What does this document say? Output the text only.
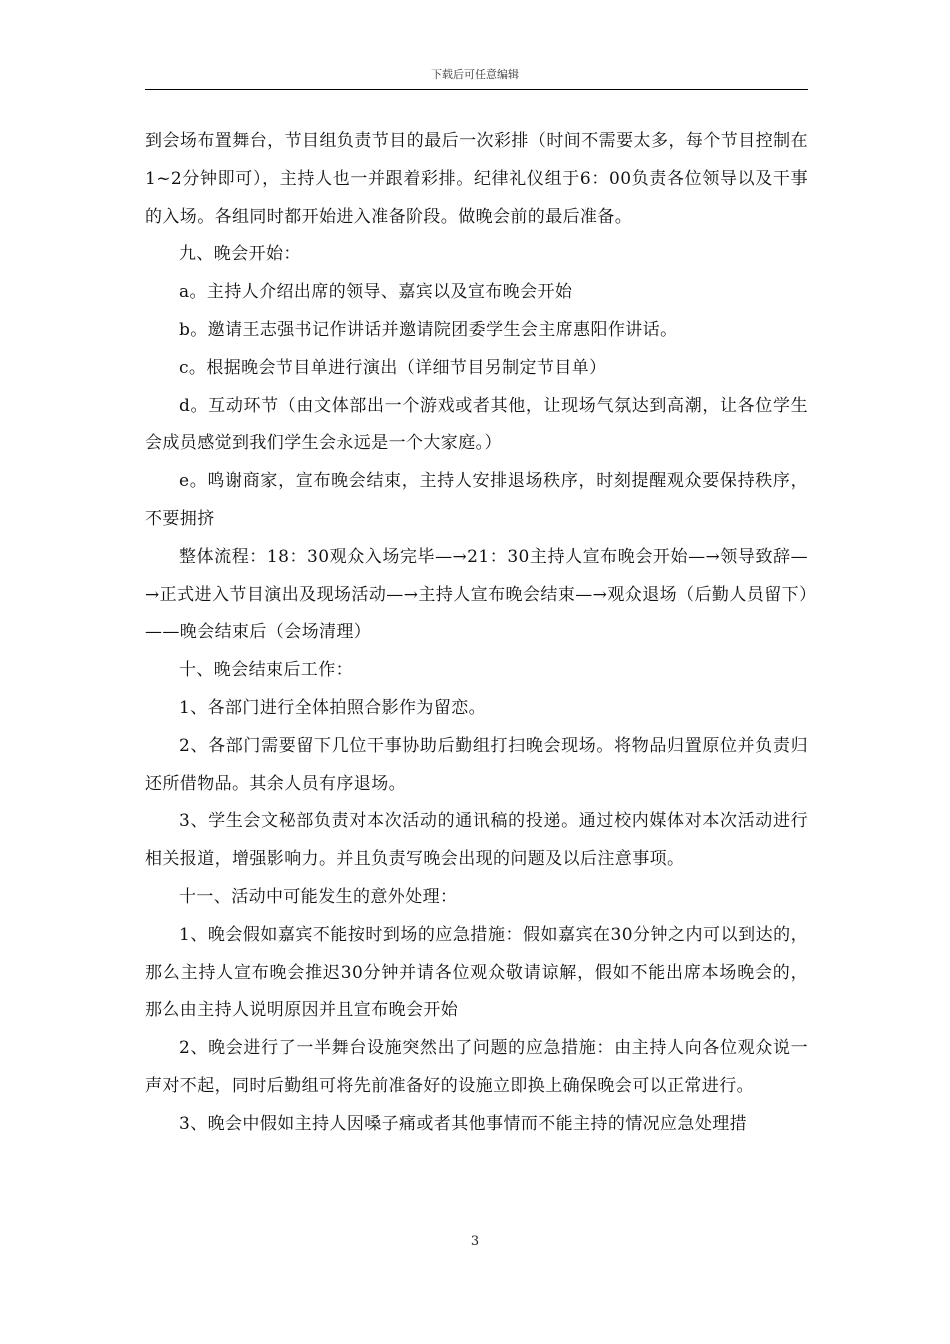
下载后可任意编辑

到会场布置舞台，节目组负责节目的最后一次彩排（时间不需要太多，每个节目控制在1~2分钟即可），主持人也一并跟着彩排。纪律礼仪组于6：00负责各位领导以及干事的入场。各组同时都开始进入准备阶段。做晚会前的最后准备。

九、晚会开始：

a。主持人介绍出席的领导、嘉宾以及宣布晚会开始

b。邀请王志强书记作讲话并邀请院团委学生会主席惠阳作讲话。

c。根据晚会节目单进行演出（详细节目另制定节目单）

d。互动环节（由文体部出一个游戏或者其他，让现场气氛达到高潮，让各位学生会成员感觉到我们学生会永远是一个大家庭。）

e。鸣谢商家，宣布晚会结束，主持人安排退场秩序，时刻提醒观众要保持秩序，不要拥挤

整体流程：18：30观众入场完毕—→21：30主持人宣布晚会开始—→领导致辞—→正式进入节目演出及现场活动—→主持人宣布晚会结束—→观众退场（后勤人员留下）——晚会结束后（会场清理）

十、晚会结束后工作：

1、各部门进行全体拍照合影作为留恋。

2、各部门需要留下几位干事协助后勤组打扫晚会现场。将物品归置原位并负责归还所借物品。其余人员有序退场。

3、学生会文秘部负责对本次活动的通讯稿的投递。通过校内媒体对本次活动进行相关报道，增强影响力。并且负责写晚会出现的问题及以后注意事项。

十一、活动中可能发生的意外处理：

1、晚会假如嘉宾不能按时到场的应急措施：假如嘉宾在30分钟之内可以到达的，那么主持人宣布晚会推迟30分钟并请各位观众敬请谅解，假如不能出席本场晚会的，那么由主持人说明原因并且宣布晚会开始

2、晚会进行了一半舞台设施突然出了问题的应急措施：由主持人向各位观众说一声对不起，同时后勤组可将先前准备好的设施立即换上确保晚会可以正常进行。

3、晚会中假如主持人因嗓子痛或者其他事情而不能主持的情况应急处理措

3
